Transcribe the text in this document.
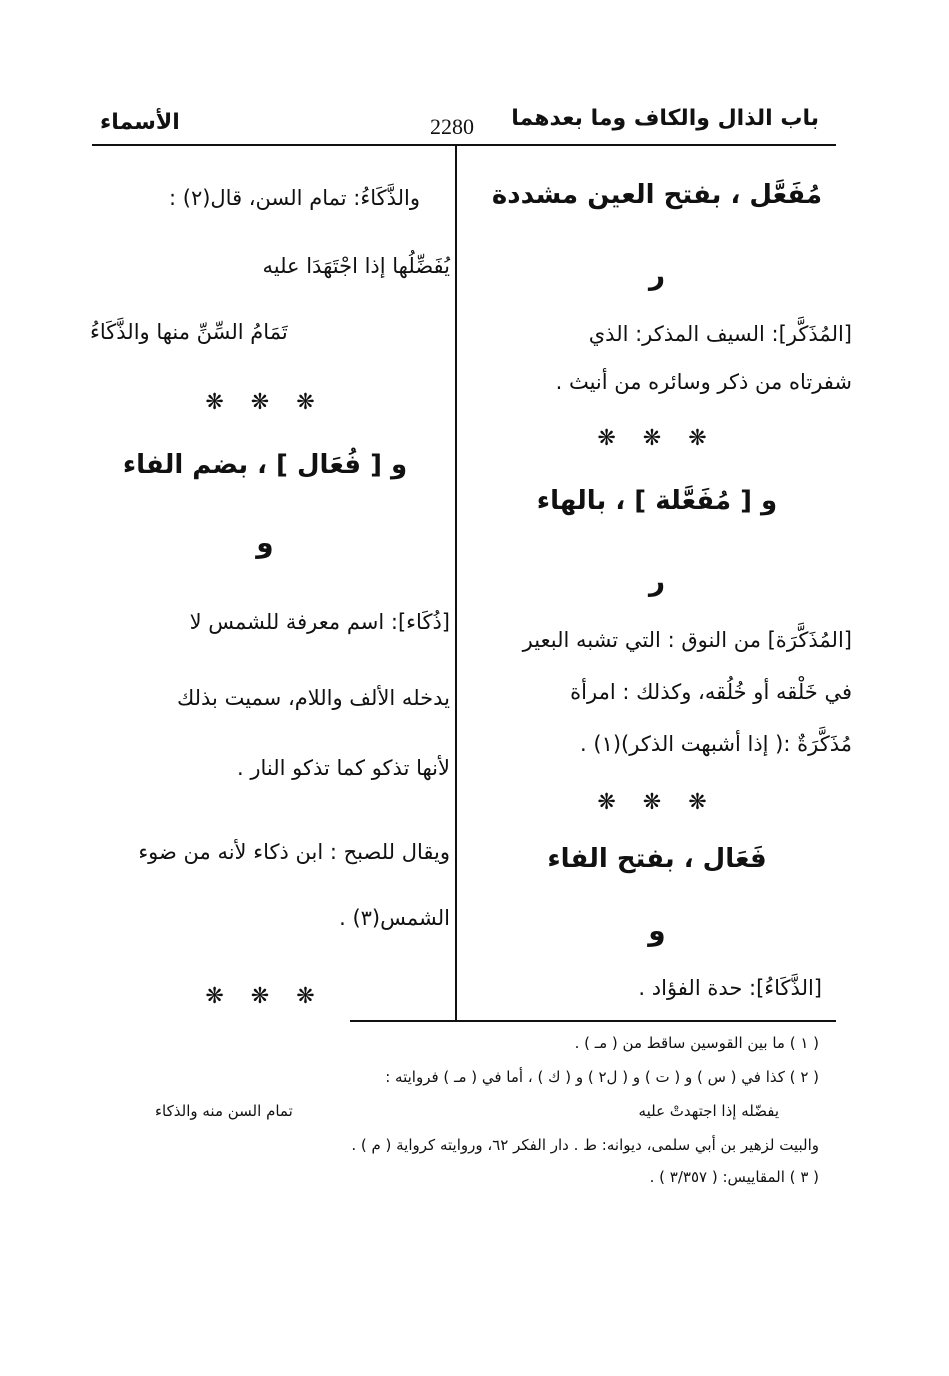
باب الذال والكاف وما بعدهما
2280
الأسماء
مُفَعَّل ، بفتح العين مشددة
ر
[المُذَكَّر]: السيف المذكر: الذي
شفرتاه من ذكر وسائره من أنيث .
❋ ❋ ❋
و [ مُفَعَّلة ] ، بالهاء
ر
[المُذَكَّرَة] من النوق : التي تشبه البعير
في خَلْقه أو خُلُقه، وكذلك : امرأة
مُذَكَّرَةٌ :( إذا أشبهت الذكر)(١) .
❋ ❋ ❋
فَعَال ، بفتح الفاء
و
[الذَّكَاءُ]: حدة الفؤاد .
والذَّكَاءُ: تمام السن، قال(٢) :
يُفَضِّلُها إذا اجْتَهَدَا عليه
تَمَامُ السِّنِّ منها والذَّكَاءُ
❋ ❋ ❋
و [ فُعَال ] ، بضم الفاء
و
[ذُكَاء]: اسم معرفة للشمس لا
يدخله الألف واللام، سميت بذلك
لأنها تذكو كما تذكو النار .
ويقال للصبح : ابن ذكاء لأنه من ضوء
الشمس(٣) .
❋ ❋ ❋
( ١ ) ما بين القوسين ساقط من ( مـ ) .
( ٢ ) كذا في ( س ) و ( ت ) و ( ل٢ ) و ( ك ) ، أما في ( مـ ) فروايته :
يفضّله إذا اجتهدتْ عليه
تمام السن منه والذكاء
والبيت لزهير بن أبي سلمى، ديوانه: ط . دار الفكر ٦٢، وروايته كرواية ( م ) .
( ٣ ) المقاييس: ( ٣/٣٥٧ ) .
